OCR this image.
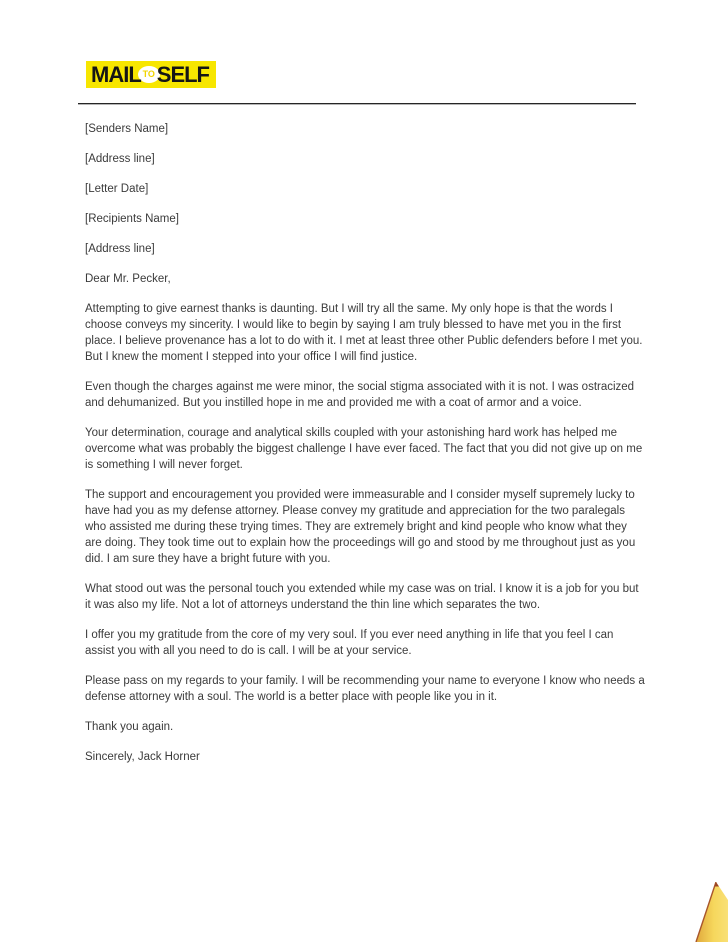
MAIL TO SELF

[Senders Name]

[Address line]

[Letter Date]

[Recipients Name]

[Address line]

Dear Mr. Pecker,

Attempting to give earnest thanks is daunting. But I will try all the same. My only hope is that the words I choose conveys my sincerity. I would like to begin by saying I am truly blessed to have met you in the first place. I believe provenance has a lot to do with it. I met at least three other Public defenders before I met you. But I knew the moment I stepped into your office I will find justice.

Even though the charges against me were minor, the social stigma associated with it is not. I was ostracized and dehumanized. But you instilled hope in me and provided me with a coat of armor and a voice.

Your determination, courage and analytical skills coupled with your astonishing hard work has helped me overcome what was probably the biggest challenge I have ever faced. The fact that you did not give up on me is something I will never forget.

The support and encouragement you provided were immeasurable and I consider myself supremely lucky to have had you as my defense attorney. Please convey my gratitude and appreciation for the two paralegals who assisted me during these trying times. They are extremely bright and kind people who know what they are doing. They took time out to explain how the proceedings will go and stood by me throughout just as you did. I am sure they have a bright future with you.

What stood out was the personal touch you extended while my case was on trial. I know it is a job for you but it was also my life. Not a lot of attorneys understand the thin line which separates the two.

I offer you my gratitude from the core of my very soul. If you ever need anything in life that you feel I can assist you with all you need to do is call. I will be at your service.

Please pass on my regards to your family. I will be recommending your name to everyone I know who needs a defense attorney with a soul. The world is a better place with people like you in it.

Thank you again.

Sincerely, Jack Horner
